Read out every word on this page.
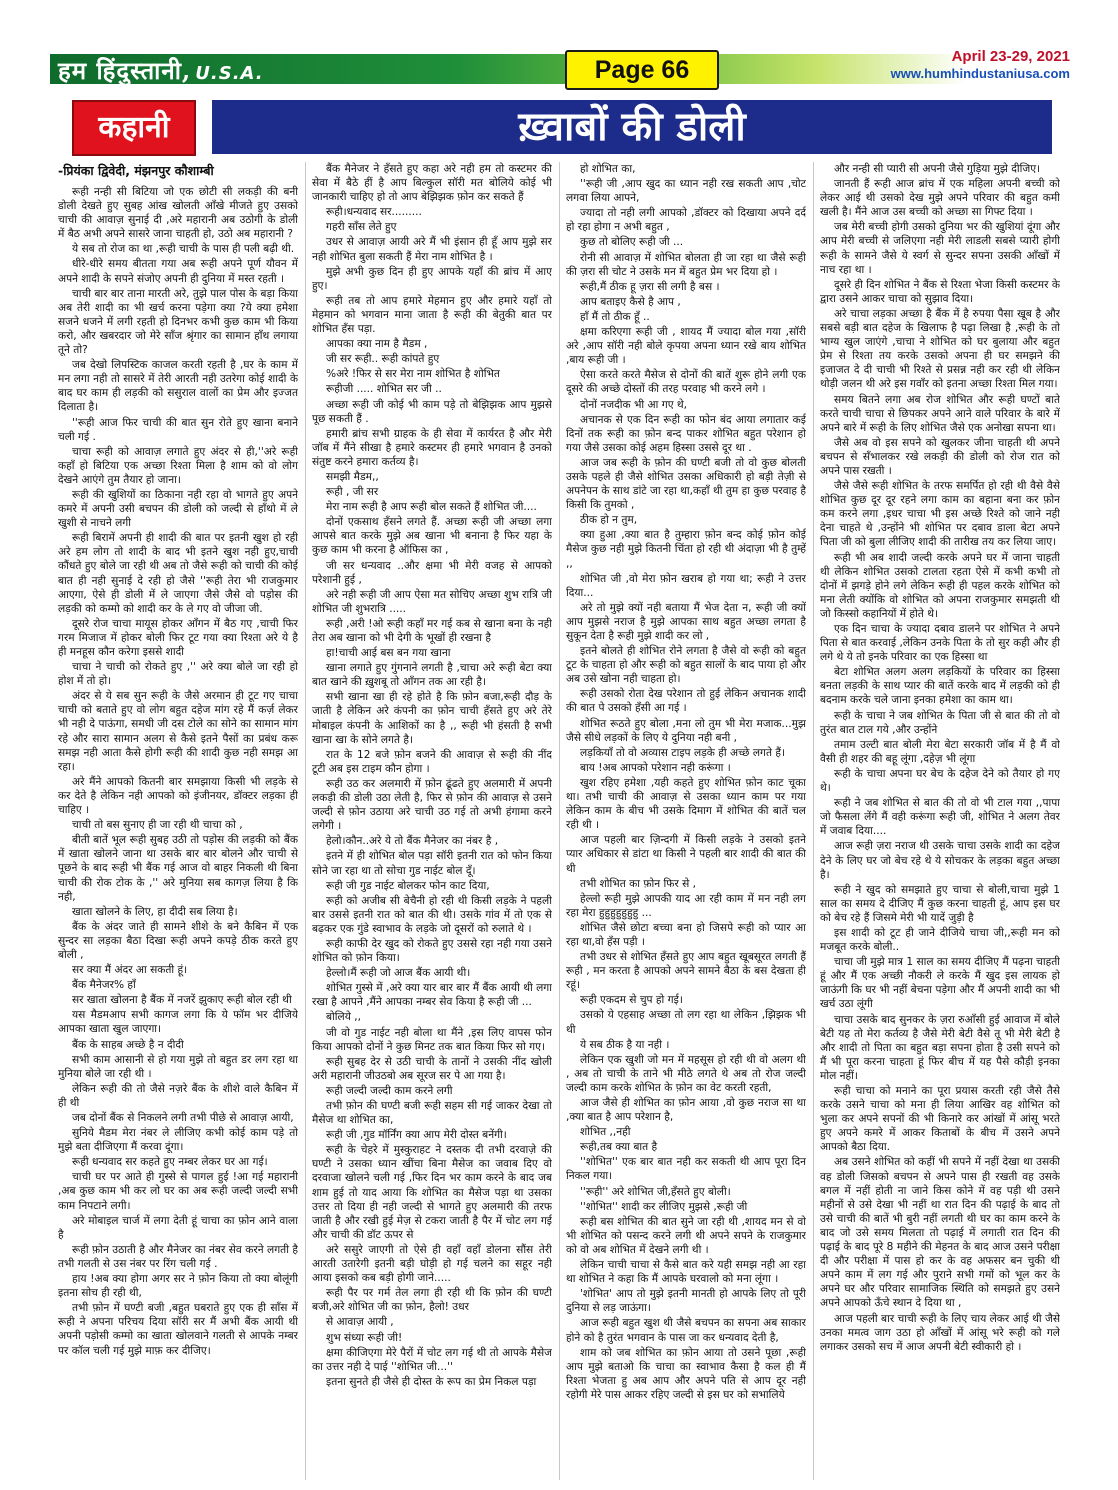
हम हिंदुस्तानी, U.S.A.	Page 66	April 23-29, 2021
www.humhindustaniusa.com
कहानी	ख़्वाबों की डोली
-प्रियंका द्विवेदी, मंझनपुर कौशाम्बी

रूही नन्ही सी बिटिया जो एक छोटी सी लकड़ी की बनी डोली देखते हुए सुबह आंख खोलती आँखे मीजते हुए उसको चाची की आवाज़ सुनाई दी ,अरे महारानी अब उठोगी के डोली में बैठ अभी अपने सासरे जाना चाहती हो, उठो अब महारानी ?

ये सब तो रोज का था ,रूही चाची के पास ही पली बढ़ी थी.

धीरे-धीरे समय बीतता गया अब रूही अपने पूर्ण यौवन में अपने शादी के सपने संजोए अपनी ही दुनिया में मस्त रहती ।

चाची बार बार ताना मारती अरे, तुझे पाल पोस के बड़ा किया अब तेरी शादी का भी खर्च करना पड़ेगा क्या ?ये क्या हमेशा सजने धजने में लगी रहती हो दिनभर कभी कुछ काम भी किया करो, और खबरदार जो मेरे सॉंज श्रृंगार का सामान हाँथ लगाया तूने तो?

जब देखो लिपस्टिक काजल करती रहती है ,घर के काम में मन लगा नही तो सासरे में तेरी आरती नही उतरेगा कोई शादी के बाद घर काम ही लड़की को ससुराल वालों का प्रेम और इज्जत दिलाता है।

''रूही आज फिर चाची की बात सुन रोते हुए खाना बनाने चली गई .

चाचा रूही को आवाज़ लगाते हुए अंदर से ही,''अरे रूही कहाँ हो बिटिया एक अच्छा रिश्ता मिला है शाम को वो लोग देखने आएंगे तुम तैयार हो जाना।

रूही की खुशियों का ठिकाना नही रहा वो भागते हुए अपने कमरे में अपनी उसी बचपन की डोली को जल्दी से हाँथो में ले खुशी से नाचने लगी

रूही बिरामें अपनी ही शादी की बात पर इतनी खुश हो रही अरे हम लोग तो शादी के बाद भी इतने खुश नही हुए,चाची कौंधते हुए बोले जा रही थी अब तो जैसे रूही को चाची की कोई बात ही नही सुनाई दे रही हो जैसे ''रूही तेरा भी राजकुमार आएगा, ऐसे ही डोली में ले जाएगा जैसे जैसे वो पड़ोस की लड़की को कम्मो को शादी कर के ले गए वो जीजा जी.

दूसरे रोज चाचा मायूस होकर आँगन में बैठ गए ,चाची फिर गरम मिजाज में होकर बोली फिर टूट गया क्या रिश्ता अरे ये है ही मनहूस कौन करेगा इससे शादी

चाचा ने चाची को रोकते हुए ,'' अरे क्या बोले जा रही हो होश में तो हो।

अंदर से ये सब सुन रूही के जैसे अरमान ही टूट गए चाचा चाची को बताते हुए वो लोग बहुत दहेज मांग रहे मैं कर्ज़ लेकर भी नही दे पाऊंगा, समधी जी दस टोले का सोने का सामान मांग रहे और सारा सामान अलग से कैसे इतने पैसों का प्रबंध करू समझ नही आता कैसे होगी रूही की शादी कुछ नही समझ आ रहा।

अरे मैंने आपको कितनी बार समझाया किसी भी लड़के से कर देते है लेकिन नही आपको को इंजीनयर, डॉक्टर लड़का ही चाहिए ।

चाची तो बस सुनाए ही जा रही थी चाचा को ,

बीती बातें भूल रूही सुबह उठी तो पड़ोस की लड़की को बैंक में खाता खोलने जाना था उसके बार बार बोलने और चाची से पूछने के बाद रूही भी बैंक गई आज वो बाहर निकली थी बिना चाची की रोक टोक के ,'' अरे मुनिया सब कागज़ लिया है कि नही,

खाता खोलने के लिए, हा दीदी सब लिया है।

बैंक के अंदर जाते ही सामने शीशे के बने कैबिन में एक सुन्दर सा लड़का बैठा दिखा रूही अपने कपड़े ठीक करते हुए बोली ,

सर क्या मैं अंदर आ सकती हूं।

बैंक मैनेजर% हाँ

सर खाता खोलना है बैंक में नजरें झुकाए रूही बोल रही थी

यस मैडमआप सभी कागज लगा कि ये फॉम भर दीजिये आपका खाता खुल जाएगा।

बैंक के साहब अच्छे है न दीदी

सभी काम आसानी से हो गया मुझे तो बहुत डर लग रहा था मुनिया बोले जा रही थी ।

लेकिन रूही की तो जैसे नज़रे बैंक के शीशे वाले कैबिन में ही थी

जब दोनों बैंक से निकलने लगी तभी पीछे से आवाज़ आयी,

सुनिये मैडम मेरा नंबर ले लीजिए कभी कोई काम पड़े तो मुझे बता दीजिएगा मैं करवा दूंगा।

रूही धन्यवाद सर कहते हुए नम्बर लेकर घर आ गई।

चाची घर पर आते ही गुस्से से पागल हुई !आ गई महारानी ,अब कुछ काम भी कर लो घर का अब रूही जल्दी जल्दी सभी काम निपटाने लगी।

अरे मोबाइल चार्ज में लगा देती हूं चाचा का फ़ोन आने वाला है

रूही फ़ोन उठाती है और मैनेजर का नंबर सेव करने लगती है तभी गलती से उस नंबर पर रिंग चली गई .

हाय !अब क्या होगा अगर सर ने फ़ोन किया तो क्या बोलूंगी इतना सोच ही रही थी,

तभी फ़ोन में घण्टी बजी ,बहुत घबराते हुए एक ही साँस में रूही ने अपना परिचय दिया सॉरी सर मैं अभी बैंक आयी थी अपनी पड़ोसी कम्मो का खाता खोलवाने गलती से आपके नम्बर पर कॉल चली गई मुझे माफ़ कर दीजिए।

बैंक मैनेजर ने हँसते हुए कहा अरे नही हम तो कस्टमर की सेवा में बैठे हीं है आप बिल्कुल सॉरी मत बोलिये कोई भी जानकारी चाहिए हो तो आप बेझिझक फ़ोन कर सकते हैं

रूही।धन्यवाद सर.........

गहरी साँस लेते हुए

उधर से आवाज़ आयी अरे मैं भी इंसान ही हूँ आप मुझे सर नही शोभित बुला सकती हैं मेरा नाम शोभित है ।

मुझे अभी कुछ दिन ही हुए आपके यहाँ की ब्रांच में आए हुए।

रूही तब तो आप हमारे मेहमान हुए और हमारे यहाँ तो मेहमान को भगवान माना जाता है रूही की बेतुकी बात पर शोभित हँस पड़ा.

आपका क्या नाम है मैडम ,

जी सर रूही.. रूही कांपते हुए

%अरे !फिर से सर मेरा नाम शोभित है शोभित

रूहीजी ..... शोभित सर जी ..

अच्छा रूही जी कोई भी काम पड़े तो बेझिझक आप मुझसे पूछ सकती हैं .

हमारी ब्रांच सभी ग्राहक के ही सेवा में कार्यरत है और मेरी जॉब में मैंने सीखा है हमारे कस्टमर ही हमारे भगवान है उनको संतुष्ट करने हमारा कर्तव्य है।

समझी मैडम,,

रूही , जी सर

मेरा नाम रूही है आप रूही बोल सकते हैं शोभित जी....

दोनों एकसाथ हँसने लगते हैं. अच्छा रूही जी अच्छा लगा आपसे बात करके मुझे अब खाना भी बनाना है फिर यहा के कुछ काम भी करना है ऑफिस का ,

जी सर धन्यवाद ..और क्षमा भी मेरी वजह से आपको परेशानी हुई ,

अरे नही रूही जी आप ऐसा मत सोचिए अच्छा शुभ रात्रि जी शोभित जी शुभरात्रि .....

रूही ,अरी !ओ रूही कहाँ मर गई कब से खाना बना के नही तेरा अब खाना को भी देगी के भूखों ही रखना है

हा!चाची आई बस बन गया खाना

खाना लगाते हुए गुंगनाने लगती है ,चाचा अरे रूही बेटा क्या बात खाने की ख़ुशबू तो आँगन तक आ रही है।

सभी खाना खा ही रहे होते है कि फ़ोन बजा,रूही दौड़ के जाती है लेकिन अरे कंपनी का फ़ोन चाची हँसते हुए अरे तेरे मोबाइल कंपनी के आशिकों का है ,, रूही भी हंसती है सभी खाना खा के सोने लगते है।

रात के 12 बजे फ़ोन बजने की आवाज़ से रूही की नींद टूटी अब इस टाइम कौन होगा ।

रूही उठ कर अलमारी में फ़ोन ढूंढते हुए अलमारी में अपनी लकड़ी की डोली उठा लेती है, फिर से फ़ोन की आवाज़ से उसने जल्दी से फ़ोन उठाया अरे चाची उठ गई तो अभी हंगामा करने लगेगी ।

हेलो।कौन..अरे ये तो बैंक मैनेजर का नंबर है ,

इतने में ही शोभित बोल पड़ा सॉरी इतनी रात को फोन किया सोने जा रहा था तो सोचा गुड नाईट बोल दूँ।

रूही जी गुड नाईट बोलकर फोन काट दिया,

रूही को अजीब सी बेचैनी हो रही थी किसी लड़के ने पहली बार उससे इतनी रात को बात की थी। उसके गांव में तो एक से बढ़कर एक गुंडे स्वाभाव के लड़के जो दूसरों को रुलाते थे ।

रूही काफी देर खुद को रोकते हुए उससे रहा नही गया उसने शोभित को फ़ोन किया।

हेल्लो।मैं रूही जो आज बैंक आयी थी।

शोभित गुस्से में ,अरे क्या यार बार बार मैं बैंक आयी थी लगा रखा है आपने ,मैंने आपका नम्बर सेव किया है रूही जी ...

बोलिये ,,

जी वो गुड नाईट नही बोला था मैंने ,इस लिए वापस फोन किया आपको दोनों ने कुछ मिनट तक बात किया फिर सो गए।

रूही सुबह देर से उठी चाची के तानों ने उसकी नींद खोली अरी महारानी जीउठबो अब सूरज सर पे आ गया है।

रूही जल्दी जल्दी काम करने लगी

तभी फ़ोन की घण्टी बजी रूही सहम सी गई जाकर देखा तो मैसेज था शोभित का,

रूही जी ,गुड मॉर्निंग क्या आप मेरी दोस्त बनेंगी।

रूही के चेहरे में मुस्कुराहट ने दस्तक दी तभी दरवाज़े की घण्टी ने उसका ध्यान खींचा बिना मैसेज का जवाब दिए वो दरवाजा खोलने चली गई ,फिर दिन भर काम करने के बाद जब शाम हुई तो याद आया कि शोभित का मैसेज पड़ा था उसका उत्तर तो दिया ही नही जल्दी से भागते हुए अलमारी की तरफ जाती है और रखी हुई मेज़ से टकरा जाती है पैर में चोट लग गई और चाची की डॉट ऊपर से

अरे ससुरे जाएगी तो ऐसे ही वहाँ वहाँ डोलना सौंस तेरी आरती उतारेगी इतनी बड़ी घोड़ी हो गई चलने का सहूर नही आया इसको कब बड़ी होगी जाने.....

रूही पैर पर गर्म तेल लगा ही रही थी कि फ़ोन की घण्टी बजी,अरे शोभित जी का फ़ोन, हैलो! उधर

से आवाज़ आयी ,

शुभ संध्या रूही जी!

क्षमा कीजिएगा मेरे पैरों में चोट लग गई थी तो आपके मैसेज का उत्तर नही दे पाई ''शोभित जी...''

इतना सुनते ही जैसे ही दोस्त के रूप का प्रेम निकल पड़ा

हो शोभित का,

''रूही जी ,आप खुद का ध्यान नही रख सकती आप ,चोट लगवा लिया आपने,

ज्यादा तो नही लगी आपको ,डॉक्टर को दिखाया अपने दर्द हो रहा होगा न अभी बहुत ,

कुछ तो बोलिए रूही जी ...

रोनी सी आवाज़ में शोभित बोलता ही जा रहा था जैसे रूही की ज़रा सी चोट ने उसके मन में बहुत प्रेम भर दिया हो ।

रूही,मैं ठीक हू ज़रा सी लगी है बस ।

आप बताइए कैसे है आप ,

हाँ मैं तो ठीक हूँ ..

क्षमा करिएगा रूही जी , शायद मैं ज्यादा बोल गया ,सॉरी अरे ,आप सॉरी नही बोले कृपया अपना ध्यान रखे बाय शोभित ,बाय रूही जी ।

ऐसा करते करते मैसेज से दोनों की बातें शुरू होने लगी एक दूसरे की अच्छे दोस्तों की तरह परवाह भी करने लगे ।

दोनों नजदीक भी आ गए थे,

अचानक से एक दिन रूही का फोन बंद आया लगातार कई दिनों तक रूही का फ़ोन बन्द पाकर शोभित बहुत परेशान हो गया जैसे उसका कोई अहम हिस्सा उससे दूर था .

आज जब रूही के फ़ोन की घण्टी बजी तो वो कुछ बोलती उसके पहले ही जैसे शोभित उसका अधिकारी हो बड़ी तेज़ी से अपनेपन के साथ डांटे जा रहा था,कहाँ थी तुम हा कुछ परवाह है किसी कि तुमको ,

ठीक हो न तुम,

क्या हुआ ,क्या बात है तुम्हारा फ़ोन बन्द कोई फ़ोन कोई मैसेज कुछ नही मुझे कितनी चिंता हो रही थी अंदाज़ा भी है तुम्हें ,,

शोभित जी ,वो मेरा फ़ोन खराब हो गया था; रूही ने उत्तर दिया...

अरे तो मुझे क्यों नही बताया मैं भेज देता न, रूही जी क्यों आप मुझसे नराज है मुझे आपका साथ बहुत अच्छा लगता है सुकून देता है रूही मुझे शादी कर लो ,

इतने बोलते ही शोभित रोने लगता है जैसे वो रूही को बहुत टूट के चाहता हो और रूही को बहुत सालों के बाद पाया हो और अब उसे खोना नही चाहता हो।

रूही उसको रोता देख परेशान तो हुई लेकिन अचानक शादी की बात पे उसको हँसी आ गई ।

शोभित रूठते हुए बोला ,मना लो तुम भी मेरा मजाक...मुझ जैसे सीधे लड़कों के लिए ये दुनिया नही बनी ,

लड़कियाँ तो वो अव्यास टाइप लड़के ही अच्छे लगते हैं।

बाय !अब आपको परेशान नही करूंगा ।

खुश रहिए हमेशा ,यही कहते हुए शोभित फ़ोन काट चूका था। तभी चाची की आवाज़ से उसका ध्यान काम पर गया लेकिन काम के बीच भी उसके दिमाग में शोभित की बातें चल रही थी ।

आज पहली बार ज़िन्दगी में किसी लड़के ने उसको इतने प्यार अधिकार से डांटा था किसी ने पहली बार शादी की बात की थी

तभी शोभित का फ़ोन फिर से ,

हेल्लो रूही मुझे आपकी याद आ रही काम में मन नही लग रहा मेरा हुहुहुहुहुहुहु ...

शोभित जैसे छोटा बच्चा बना हो जिसपे रूही को प्यार आ रहा था,वो हँस पड़ी ।

तभी उधर से शोभित हँसते हुए आप बहुत खूबसूरत लगती हैं रूही , मन करता है आपको अपने सामने बैठा के बस देखता ही रहूं।

रूही एकदम से चुप हो गई।

उसको ये एहसाह अच्छा तो लग रहा था लेकिन ,झिझक भी थी

ये सब ठीक है या नही ।

लेकिन एक खुशी जो मन में महसूस हो रही थी वो अलग थी , अब तो चाची के ताने भी मीठे लगते थे अब तो रोज जल्दी जल्दी काम करके शोभित के फ़ोन का वेट करती रहती,

आज जैसे ही शोभित का फ़ोन आया ,वो कुछ नराज सा था ,क्या बात है आप परेशान है,

शोभित ,,नही

रूही,तब क्या बात है

''शोभित'' एक बार बात नही कर सकती थी आप पूरा दिन निकल गया।

''रूही'' अरे शोभित जी,हँसते हुए बोली।

''शोभित'' शादी कर लीजिए मुझसे ,रूही जी

रूही बस शोभित की बात सुने जा रही थी ,शायद मन से वो भी शोभित को पसन्द करने लगी थी अपने सपने के राजकुमार को वो अब शोभित में देखने लगी थी ।

लेकिन चाची चाचा से कैसे बात करे यही समझ नही आ रहा था शोभित ने कहा कि मैं आपके घरवालो को मना लूंगा ।

'शोभित' आप तो मुझे इतनी मानती हो आपके लिए तो पूरी दुनिया से लड़ जाऊंगा।

आज रूही बहुत खुश थी जैसे बचपन का सपना अब साकार होने को है तुरंत भगवान के पास जा कर धन्यवाद देती है,

शाम को जब शोभित का फ़ोन आया तो उसने पूछा ,रूही आप मुझे बताओ कि चाचा का स्वाभाव कैसा है कल ही मैं रिश्ता भेजता हु अब आप और अपने पति से आप दूर नही रहोगी मेरे पास आकर रहिए जल्दी से इस घर को सभालिये

और नन्ही सी प्यारी सी अपनी जैसे गुड़िया मुझे दीजिए।

जानती हैं रूही आज ब्रांच में एक महिला अपनी बच्ची को लेकर आई थी उसको देख मुझे अपने परिवार की बहुत कमी खली है। मैंने आज उस बच्ची को अच्छा सा गिफ्ट दिया ।

जब मेरी बच्ची होगी उसको दुनिया भर की खुशियां दूंगा और आप मेरी बच्ची से जलिएगा नही मेरी लाडली सबसे प्यारी होगी रूही के सामने जैसे ये स्वर्ग से सुन्दर सपना उसकी आँखों में नाच रहा था ।

दूसरे ही दिन शोभित ने बैंक से रिश्ता भेजा किसी कस्टमर के द्वारा उसने आकर चाचा को सुझाव दिया।

अरे चाचा लड़का अच्छा है बैंक में है रुपया पैसा खूब है और सबसे बड़ी बात दहेज के खिलाफ है पढ़ा लिखा है ,रूही के तो भाग्य खुल जाएंगे ,चाचा ने शोभित को घर बुलाया और बहुत प्रेम से रिश्ता तय करके उसको अपना ही घर समझने की इजाजत दे दी चाची भी रिश्ते से प्रसन्न नही कर रही थी लेकिन थोड़ी जलन थी अरे इस गवाँर को इतना अच्छा रिश्ता मिल गया।

समय बितने लगा अब रोज शोभित और रूही घण्टों बाते करते चाची चाचा से छिपकर अपने आने वाले परिवार के बारे में अपने बारे में रूही के लिए शोभित जैसे एक अनोखा सपना था।

जैसे अब वो इस सपने को खुलकर जीना चाहती थी अपने बचपन से सँभालकर रखे लकड़ी की डोली को रोज रात को अपने पास रखती ।

जैसे जैसे रूही शोभित के तरफ समर्पित हो रही थी वैसे वैसे शोभित कुछ दूर दूर रहने लगा काम का बहाना बना कर फ़ोन कम करने लगा ,इधर चाचा भी इस अच्छे रिश्ते को जाने नही देना चाहते थे ,उन्होंने भी शोभित पर दबाव डाला बेटा अपने पिता जी को बुला लीजिए शादी की तारीख तय कर लिया जाए।

रूही भी अब शादी जल्दी करके अपने घर में जाना चाहती थी लेकिन शोभित उसको टालता रहता ऐसे में कभी कभी तो दोनों में झगड़े होने लगे लेकिन रूही ही पहल करके शोभित को मना लेती क्योंकि वो शोभित को अपना राजकुमार समझती थी जो किस्सो कहानियों में होते थे।

एक दिन चाचा के ज्यादा दबाव डालने पर शोभित ने अपने पिता से बात करवाई ,लेकिन उनके पिता के तो सुर कही और ही लगे थे ये तो इनके परिवार का एक हिस्सा था

बेटा शोभित अलग अलग लड़कियों के परिवार का हिस्सा बनता लड़की के साथ प्यार की बातें करके बाद में लड़की को ही बदनाम करके चले जाना इनका हमेशा का काम था।

रूही के चाचा ने जब शोभित के पिता जी से बात की तो वो तुरंत बात टाल गये ,और उन्होंने

तमाम उल्टी बात बोली मेरा बेटा सरकारी जॉब में है मैं वो वैसी ही शहर की बहू लूंगा ,दहेज़ भी लूंगा

रूही के चाचा अपना घर बेच के दहेज देने को तैयार हो गए थे।

रूही ने जब शोभित से बात की तो वो भी टाल गया ,,पापा जो फैसला लेंगे मैं वही करूंगा रूही जी, शोभित ने अलग तेवर में जवाब दिया....

आज रूही ज़रा नराज थी उसके चाचा उसके शादी का दहेज देने के लिए घर जो बेच रहे थे ये सोचकर के लड़का बहुत अच्छा है।

रूही ने खुद को समझाते हुए चाचा से बोली,चाचा मुझे 1 साल का समय दे दीजिए मैं कुछ करना चाहती हूं, आप इस घर को बेच रहे हैं जिसमे मेरी भी यादें जुड़ी है

इस शादी को टूट ही जाने दीजिये चाचा जी,,रूही मन को मजबूत करके बोली..

चाचा जी मुझे मात्र 1 साल का समय दीजिए मैं पढ़ना चाहती हूं और मैं एक अच्छी नौकरी ले करके मैं खुद इस लायक हो जाऊंगी कि घर भी नहीं बेचना पड़ेगा और मैं अपनी शादी का भी खर्च उठा लूंगी

चाचा उसके बाद सुनकर के ज़रा रुआँसी हुई आवाज में बोले बेटी यह तो मेरा कर्तव्य है जैसे मेरी बेटी वैसे तू भी मेरी बेटी है और शादी तो पिता का बहुत बड़ा सपना होता है उसी सपने को मैं भी पूरा करना चाहता हूं फिर बीच में यह पैसे कौड़ी इनका मोल नहीं।

रूही चाचा को मनाने का पूरा प्रयास करती रही जैसे तैसे करके उसने चाचा को मना ही लिया आखिर वह शोभित को भुला कर अपने सपनों की भी किनारे कर आंखों में आंसू भरते हुए अपने कमरे में आकर किताबों के बीच में उसने अपने आपको बैठा दिया.

अब उसने शोभित को कहीं भी सपने में नहीं देखा था उसकी वह डोली जिसको बचपन से अपने पास ही रखती वह उसके बगल में नहीं होती ना जाने किस कोने में वह पड़ी थी उसने महीनों से उसे देखा भी नहीं था रात दिन की पढ़ाई के बाद तो उसे चाची की बातें भी बुरी नहीं लगती थी घर का काम करने के बाद जो उसे समय मिलता तो पढ़ाई में लगाती रात दिन की पढ़ाई के बाद पूरे 8 महीने की मेहनत के बाद आज उसने परीक्षा दी और परीक्षा में पास हो कर के वह अफसर बन चुकी थी अपने काम में लग गई और पुराने सभी गमों को भूल कर के अपने घर और परिवार सामाजिक स्थिति को समझते हुए उसने अपने आपको ऊँचे स्थान दे दिया था ,

आज पहली बार चाची रूही के लिए चाय लेकर आई थी जैसे उनका ममत्व जाग उठा हो आँखों में आंसू भरे रूही को गले लगाकर उसको सच में आज अपनी बेटी स्वीकारी हो ।
